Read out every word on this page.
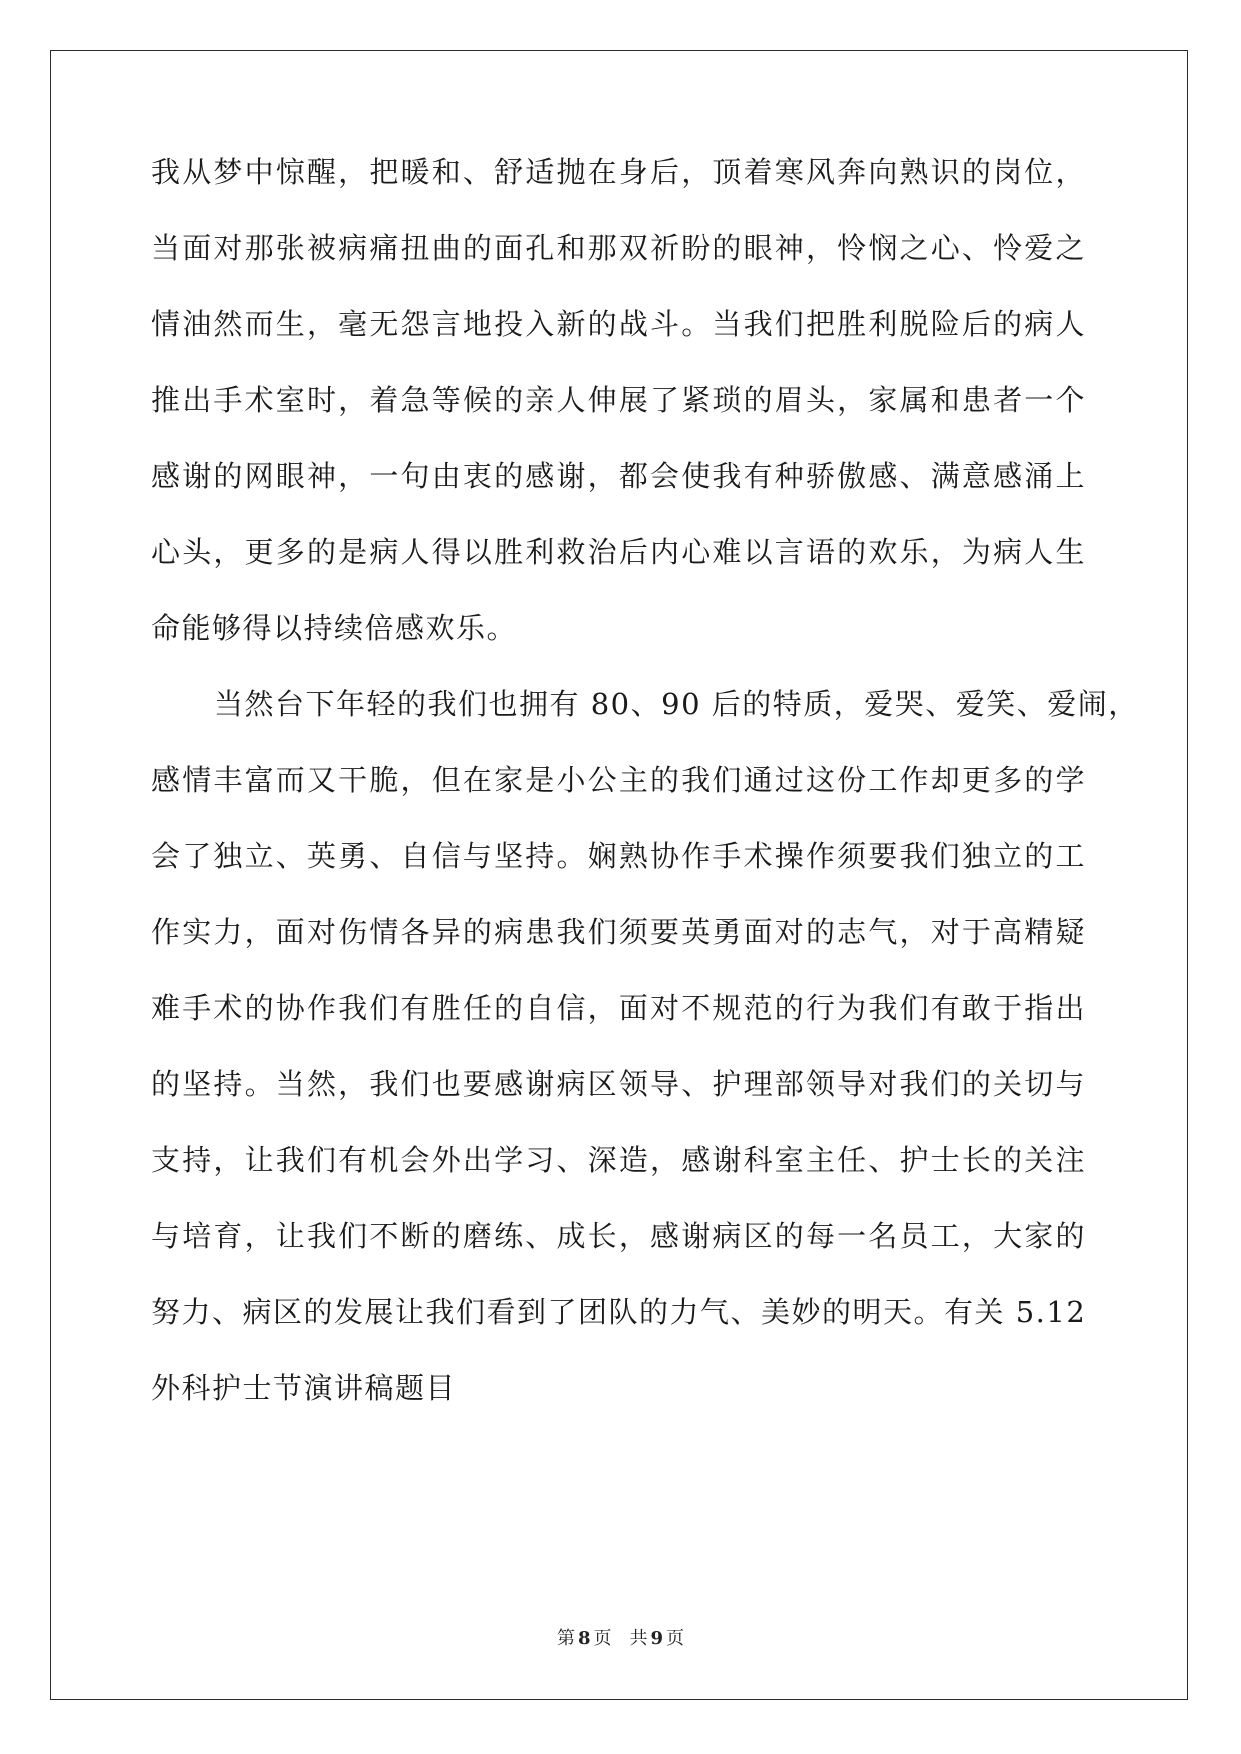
我从梦中惊醒，把暖和、舒适抛在身后，顶着寒风奔向熟识的岗位，
当面对那张被病痛扭曲的面孔和那双祈盼的眼神，怜悯之心、怜爱之
情油然而生，毫无怨言地投入新的战斗。当我们把胜利脱险后的病人
推出手术室时，着急等候的亲人伸展了紧琐的眉头，家属和患者一个
感谢的网眼神，一句由衷的感谢，都会使我有种骄傲感、满意感涌上
心头，更多的是病人得以胜利救治后内心难以言语的欢乐，为病人生
命能够得以持续倍感欢乐。
当然台下年轻的我们也拥有 80、90 后的特质，爱哭、爱笑、爱闹，
感情丰富而又干脆，但在家是小公主的我们通过这份工作却更多的学
会了独立、英勇、自信与坚持。娴熟协作手术操作须要我们独立的工
作实力，面对伤情各异的病患我们须要英勇面对的志气，对于高精疑
难手术的协作我们有胜任的自信，面对不规范的行为我们有敢于指出
的坚持。当然，我们也要感谢病区领导、护理部领导对我们的关切与
支持，让我们有机会外出学习、深造，感谢科室主任、护士长的关注
与培育，让我们不断的磨练、成长，感谢病区的每一名员工，大家的
努力、病区的发展让我们看到了团队的力气、美妙的明天。有关 5.12
外科护士节演讲稿题目
第 8 页 共 9 页
